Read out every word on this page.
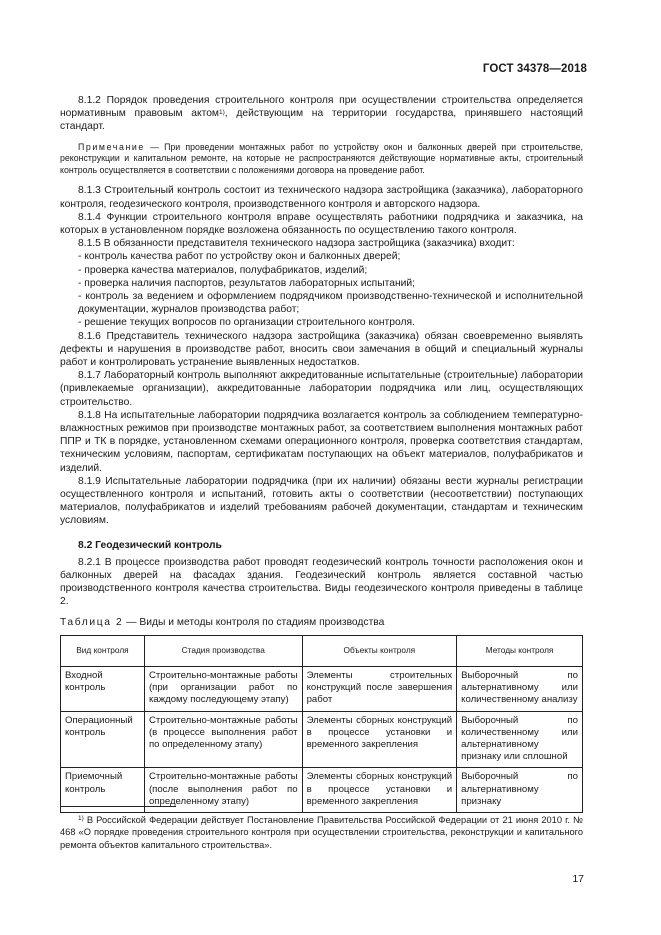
ГОСТ 34378—2018

8.1.2 Порядок проведения строительного контроля при осуществлении строительства определяется нормативным правовым актом$^{1)}$, действующим на территории государства, принявшего настоящий стандарт.

Примечание — При проведении монтажных работ по устройству окон и балконных дверей при строительстве, реконструкции и капитальном ремонте, на которые не распространяются действующие нормативные акты, строительный контроль осуществляется в соответствии с положениями договора на проведение работ.

8.1.3 Строительный контроль состоит из технического надзора застройщика (заказчика), лабораторного контроля, геодезического контроля, производственного контроля и авторского надзора.

8.1.4 Функции строительного контроля вправе осуществлять работники подрядчика и заказчика, на которых в установленном порядке возложена обязанность по осуществлению такого контроля.

8.1.5 В обязанности представителя технического надзора застройщика (заказчика) входит:

- контроль качества работ по устройству окон и балконных дверей;

- проверка качества материалов, полуфабрикатов, изделий;

- проверка наличия паспортов, результатов лабораторных испытаний;

- контроль за ведением и оформлением подрядчиком производственно-технической и исполнительной документации, журналов производства работ;

- решение текущих вопросов по организации строительного контроля.

8.1.6 Представитель технического надзора застройщика (заказчика) обязан своевременно выявлять дефекты и нарушения в производстве работ, вносить свои замечания в общий и специальный журналы работ и контролировать устранение выявленных недостатков.

8.1.7 Лабораторный контроль выполняют аккредитованные испытательные (строительные) лаборатории (привлекаемые организации), аккредитованные лаборатории подрядчика или лиц, осуществляющих строительство.

8.1.8 На испытательные лаборатории подрядчика возлагается контроль за соблюдением температурно-влажностных режимов при производстве монтажных работ, за соответствием выполнения монтажных работ ППР и ТК в порядке, установленном схемами операционного контроля, проверка соответствия стандартам, техническим условиям, паспортам, сертификатам поступающих на объект материалов, полуфабрикатов и изделий.

8.1.9 Испытательные лаборатории подрядчика (при их наличии) обязаны вести журналы регистрации осуществленного контроля и испытаний, готовить акты о соответствии (несоответствии) поступающих материалов, полуфабрикатов и изделий требованиям рабочей документации, стандартам и техническим условиям.

8.2 Геодезический контроль

8.2.1 В процессе производства работ проводят геодезический контроль точности расположения окон и балконных дверей на фасадах здания. Геодезический контроль является составной частью производственного контроля качества строительства. Виды геодезического контроля приведены в таблице 2.

Таблица 2 — Виды и методы контроля по стадиям производства

Вид контроля	Стадия производства	Объекты контроля	Методы контроля
Входной контроль	Строительно-монтажные работы (при организации работ по каждому последующему этапу)	Элементы строительных конструкций после завершения работ	Выборочный по альтернативному или количественному анализу
Операционный контроль	Строительно-монтажные работы (в процессе выполнения работ по определенному этапу)	Элементы сборных конструкций в процессе установки и временного закрепления	Выборочный по количественному или альтернативному признаку или сплошной
Приемочный контроль	Строительно-монтажные работы (после выполнения работ по определенному этапу)	Элементы сборных конструкций в процессе установки и временного закрепления	Выборочный по альтернативному признаку

$^{1)}$ В Российской Федерации действует Постановление Правительства Российской Федерации от 21 июня 2010 г. № 468 «О порядке проведения строительного контроля при осуществлении строительства, реконструкции и капитального ремонта объектов капитального строительства».

17
